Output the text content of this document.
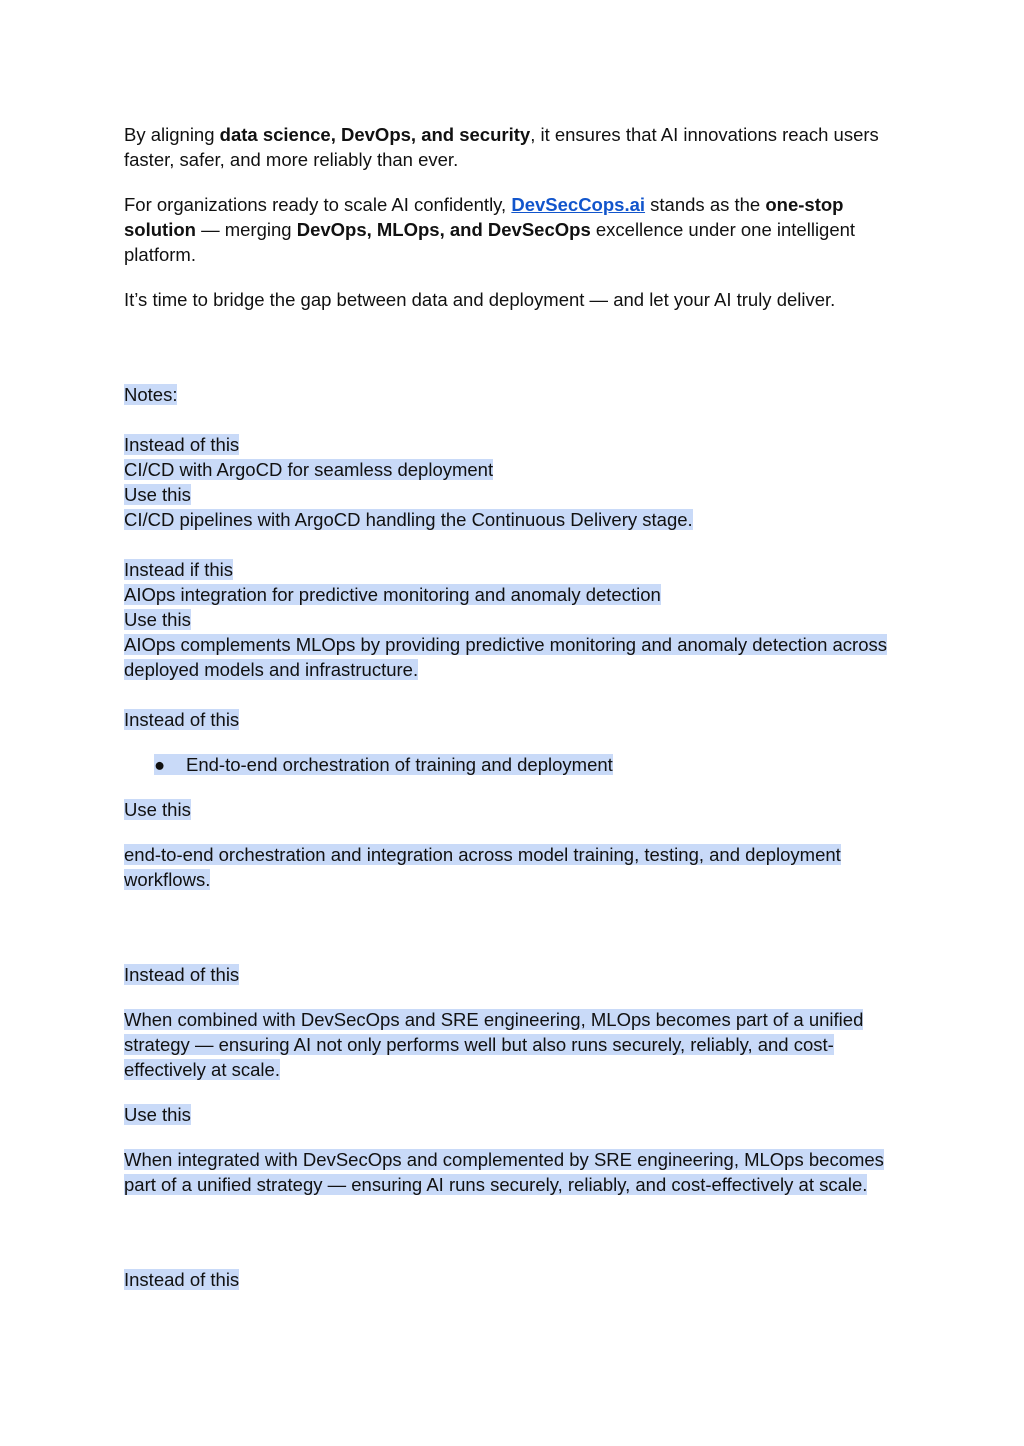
By aligning data science, DevOps, and security, it ensures that AI innovations reach users faster, safer, and more reliably than ever.

For organizations ready to scale AI confidently, DevSecCops.ai stands as the one-stop solution — merging DevOps, MLOps, and DevSecOps excellence under one intelligent platform.

It’s time to bridge the gap between data and deployment — and let your AI truly deliver.

Notes:

Instead of this

CI/CD with ArgoCD for seamless deployment

Use this

CI/CD pipelines with ArgoCD handling the Continuous Delivery stage.

Instead if this

AIOps integration for predictive monitoring and anomaly detection

Use this

AIOps complements MLOps by providing predictive monitoring and anomaly detection across deployed models and infrastructure.

Instead of this

● End-to-end orchestration of training and deployment

Use this

end-to-end orchestration and integration across model training, testing, and deployment workflows.

Instead of this

When combined with DevSecOps and SRE engineering, MLOps becomes part of a unified strategy — ensuring AI not only performs well but also runs securely, reliably, and cost-effectively at scale.

Use this

When integrated with DevSecOps and complemented by SRE engineering, MLOps becomes part of a unified strategy — ensuring AI runs securely, reliably, and cost-effectively at scale.

Instead of this
